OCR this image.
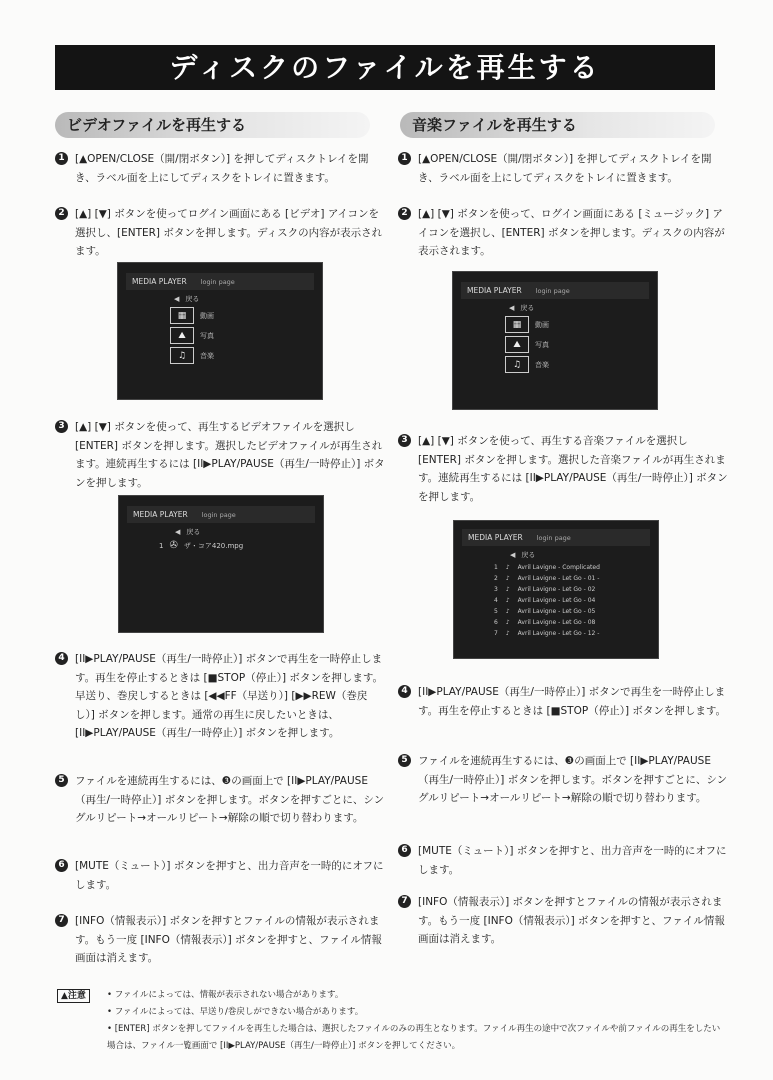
ディスクのファイルを再生する
ビデオファイルを再生する	音楽ファイルを再生する
1 [▲OPEN/CLOSE（開/閉ボタン）] を押してディスクトレイを開き、ラベル面を上にしてディスクをトレイに置きます。
2 [▲] [▼] ボタンを使ってログイン画面にある [ビデオ] アイコンを選択し、[ENTER] ボタンを押します。ディスクの内容が表示されます。
MEDIA PLAYER login page
◀︎ 戻る
▦	動画
⛰	写真
♫	音楽
3 [▲] [▼] ボタンを使って、再生するビデオファイルを選択し [ENTER] ボタンを押します。選択したビデオファイルが再生されます。連続再生するには [II▶PLAY/PAUSE（再生/一時停止）] ボタンを押します。
MEDIA PLAYER login page
◀︎ 戻る
1 ✇ ザ・コア420.mpg
4 [II▶PLAY/PAUSE（再生/一時停止）] ボタンで再生を一時停止します。再生を停止するときは [■STOP（停止）] ボタンを押します。早送り、巻戻しするときは [◀◀FF（早送り）] [▶▶REW（巻戻し）] ボタンを押します。通常の再生に戻したいときは、[II▶PLAY/PAUSE（再生/一時停止）] ボタンを押します。
5 ファイルを連続再生するには、❸の画面上で [II▶PLAY/PAUSE（再生/一時停止）] ボタンを押します。ボタンを押すごとに、シングルリピート→オールリピート→解除の順で切り替わります。
6 [MUTE（ミュート）] ボタンを押すと、出力音声を一時的にオフにします。
7 [INFO（情報表示）] ボタンを押すとファイルの情報が表示されます。もう一度 [INFO（情報表示）] ボタンを押すと、ファイル情報画面は消えます。
1 [▲OPEN/CLOSE（開/閉ボタン）] を押してディスクトレイを開き、ラベル面を上にしてディスクをトレイに置きます。
2 [▲] [▼] ボタンを使って、ログイン画面にある [ミュージック] アイコンを選択し、[ENTER] ボタンを押します。ディスクの内容が表示されます。
MEDIA PLAYER login page
◀︎ 戻る
▦	動画
⛰	写真
♫	音楽
3 [▲] [▼] ボタンを使って、再生する音楽ファイルを選択し [ENTER] ボタンを押します。選択した音楽ファイルが再生されます。連続再生するには [II▶PLAY/PAUSE（再生/一時停止）] ボタンを押します。
MEDIA PLAYER login page
◀︎ 戻る
1 ♪ Avril Lavigne - Complicated
2 ♪ Avril Lavigne - Let Go - 01 -
3 ♪ Avril Lavigne - Let Go - 02
4 ♪ Avril Lavigne - Let Go - 04
5 ♪ Avril Lavigne - Let Go - 05
6 ♪ Avril Lavigne - Let Go - 08
7 ♪ Avril Lavigne - Let Go - 12 -
4 [II▶PLAY/PAUSE（再生/一時停止）] ボタンで再生を一時停止します。再生を停止するときは [■STOP（停止）] ボタンを押します。
5 ファイルを連続再生するには、❸の画面上で [II▶PLAY/PAUSE（再生/一時停止）] ボタンを押します。ボタンを押すごとに、シングルリピート→オールリピート→解除の順で切り替わります。
6 [MUTE（ミュート）] ボタンを押すと、出力音声を一時的にオフにします。
7 [INFO（情報表示）] ボタンを押すとファイルの情報が表示されます。もう一度 [INFO（情報表示）] ボタンを押すと、ファイル情報画面は消えます。
▲注意	• ファイルによっては、情報が表示されない場合があります。
• ファイルによっては、早送り/巻戻しができない場合があります。
• [ENTER] ボタンを押してファイルを再生した場合は、選択したファイルのみの再生となります。ファイル再生の途中で次ファイルや前ファイルの再生をしたい場合は、ファイル一覧画面で [II▶PLAY/PAUSE（再生/一時停止）] ボタンを押してください。
